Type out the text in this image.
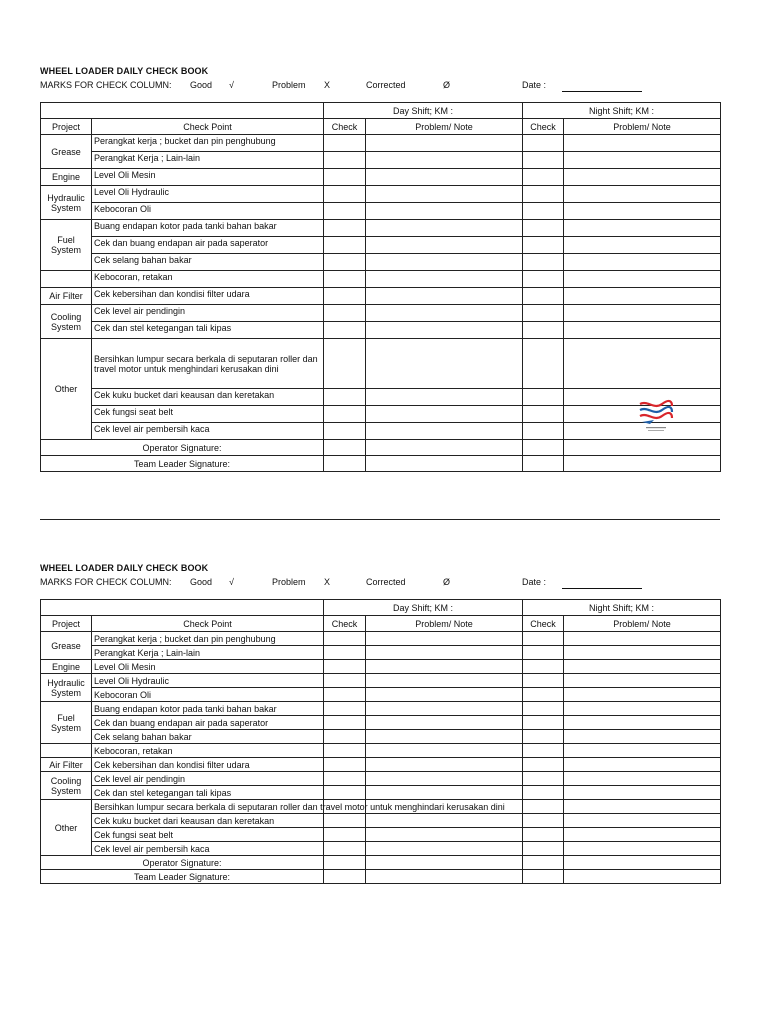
WHEEL LOADER DAILY CHECK BOOK
MARKS FOR CHECK COLUMN: Good √	Problem X	Corrected	Ø	Date :
		Day Shift; KM :		Night Shift; KM :	
Project	Check Point	Check	Problem/ Note	Check	Problem/ Note
Grease	Perangkat kerja ; bucket dan pin penghubung				
	Perangkat Kerja ; Lain-lain				
Engine	Level Oli Mesin				
Hydraulic System	Level Oli Hydraulic				
	Kebocoran Oli				
Fuel System	Buang endapan kotor pada tanki bahan bakar				
	Cek dan buang endapan air pada saperator				
	Cek selang bahan bakar				
	Kebocoran, retakan				
Air Filter	Cek kebersihan dan kondisi filter udara				
Cooling System	Cek level air pendingin				
	Cek dan stel ketegangan tali kipas				
Other	Bersihkan lumpur secara berkala di seputaran roller dan travel motor untuk menghindari kerusakan dini				
	Cek kuku bucket dari keausan dan keretakan				
	Cek fungsi seat belt				
	Cek level air pembersih kaca				
Operator Signature:					
Team Leader Signature:					
WHEEL LOADER DAILY CHECK BOOK
MARKS FOR CHECK COLUMN: Good √	Problem X	Corrected	Ø	Date :
		Day Shift; KM :		Night Shift; KM :	
Project	Check Point	Check	Problem/ Note	Check	Problem/ Note
Grease	Perangkat kerja ; bucket dan pin penghubung				
	Perangkat Kerja ; Lain-lain				
Engine	Level Oli Mesin				
Hydraulic System	Level Oli Hydraulic				
	Kebocoran Oli				
Fuel System	Buang endapan kotor pada tanki bahan bakar				
	Cek dan buang endapan air pada saperator				
	Cek selang bahan bakar				
	Kebocoran, retakan				
Air Filter	Cek kebersihan dan kondisi filter udara				
Cooling System	Cek level air pendingin				
	Cek dan stel ketegangan tali kipas				
Other	Bersihkan lumpur secara berkala di seputaran roller dan travel motor untuk menghindari kerusakan dini				
	Cek kuku bucket dari keausan dan keretakan				
	Cek fungsi seat belt				
	Cek level air pembersih kaca				
Operator Signature:					
Team Leader Signature:					
